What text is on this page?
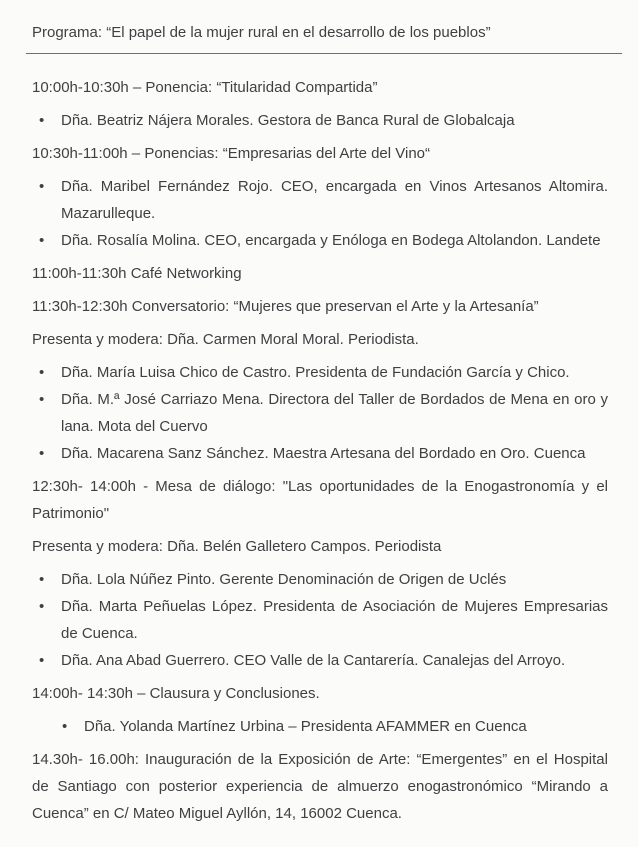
Programa: “El papel de la mujer rural en el desarrollo de los pueblos”

10:00h-10:30h – Ponencia: “Titularidad Compartida”

• Dña. Beatriz Nájera Morales. Gestora de Banca Rural de Globalcaja

10:30h-11:00h – Ponencias: “Empresarias del Arte del Vino“

• Dña. Maribel Fernández Rojo. CEO, encargada en Vinos Artesanos Altomira. Mazarulleque.
• Dña. Rosalía Molina. CEO, encargada y Enóloga en Bodega Altolandon. Landete

11:00h-11:30h Café Networking

11:30h-12:30h Conversatorio: “Mujeres que preservan el Arte y la Artesanía”

Presenta y modera: Dña. Carmen Moral Moral. Periodista.

• Dña. María Luisa Chico de Castro. Presidenta de Fundación García y Chico.
• Dña. M.ª José Carriazo Mena. Directora del Taller de Bordados de Mena en oro y lana. Mota del Cuervo
• Dña. Macarena Sanz Sánchez. Maestra Artesana del Bordado en Oro. Cuenca

12:30h- 14:00h - Mesa de diálogo: "Las oportunidades de la Enogastronomía y el Patrimonio"

Presenta y modera: Dña. Belén Galletero Campos. Periodista

• Dña. Lola Núñez Pinto. Gerente Denominación de Origen de Uclés
• Dña. Marta Peñuelas López. Presidenta de Asociación de Mujeres Empresarias de Cuenca.
• Dña. Ana Abad Guerrero. CEO Valle de la Cantarería. Canalejas del Arroyo.

14:00h- 14:30h – Clausura y Conclusiones.

• Dña. Yolanda Martínez Urbina – Presidenta AFAMMER en Cuenca

14.30h- 16.00h: Inauguración de la Exposición de Arte: “Emergentes” en el Hospital de Santiago con posterior experiencia de almuerzo enogastronómico “Mirando a Cuenca” en C/ Mateo Miguel Ayllón, 14, 16002 Cuenca.
